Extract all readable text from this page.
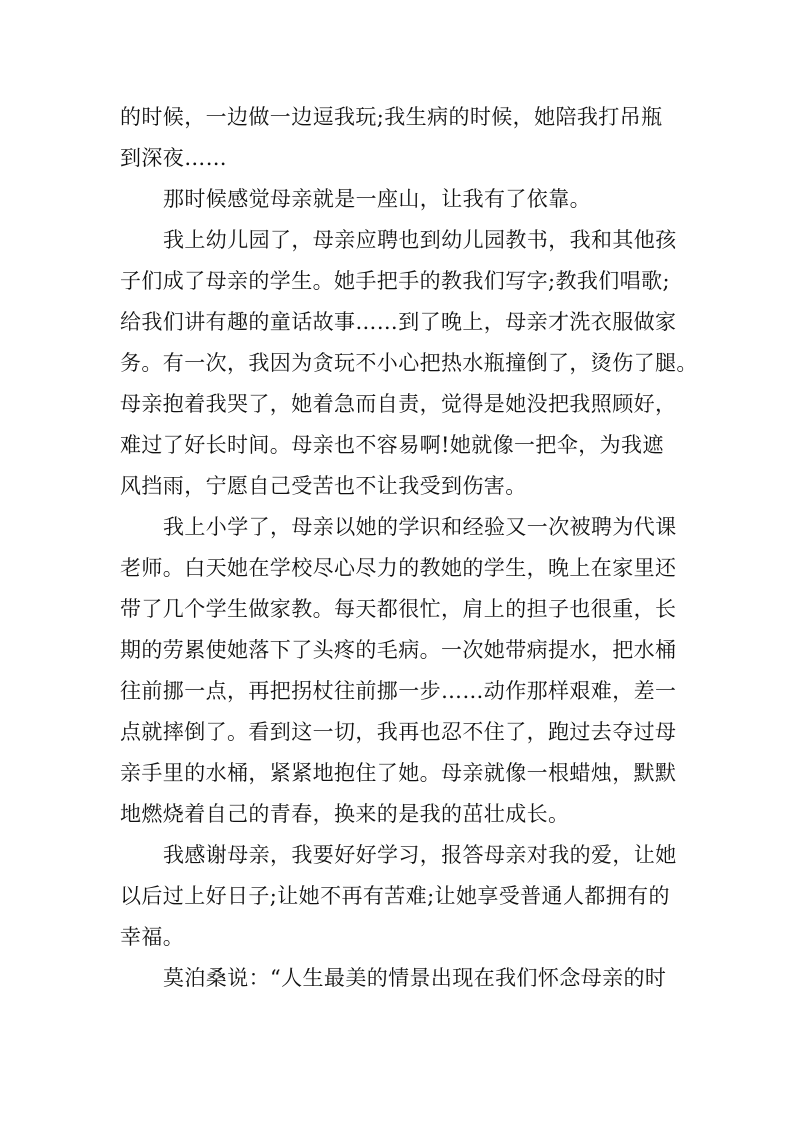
的时候，一边做一边逗我玩;我生病的时候，她陪我打吊瓶
到深夜……
那时候感觉母亲就是一座山，让我有了依靠。
我上幼儿园了，母亲应聘也到幼儿园教书，我和其他孩
子们成了母亲的学生。她手把手的教我们写字;教我们唱歌;
给我们讲有趣的童话故事……到了晚上，母亲才洗衣服做家
务。有一次，我因为贪玩不小心把热水瓶撞倒了，烫伤了腿。
母亲抱着我哭了，她着急而自责，觉得是她没把我照顾好，
难过了好长时间。母亲也不容易啊!她就像一把伞，为我遮
风挡雨，宁愿自己受苦也不让我受到伤害。
我上小学了，母亲以她的学识和经验又一次被聘为代课
老师。白天她在学校尽心尽力的教她的学生，晚上在家里还
带了几个学生做家教。每天都很忙，肩上的担子也很重，长
期的劳累使她落下了头疼的毛病。一次她带病提水，把水桶
往前挪一点，再把拐杖往前挪一步……动作那样艰难，差一
点就摔倒了。看到这一切，我再也忍不住了，跑过去夺过母
亲手里的水桶，紧紧地抱住了她。母亲就像一根蜡烛，默默
地燃烧着自己的青春，换来的是我的茁壮成长。
我感谢母亲，我要好好学习，报答母亲对我的爱，让她
以后过上好日子;让她不再有苦难;让她享受普通人都拥有的
幸福。
莫泊桑说：“人生最美的情景出现在我们怀念母亲的时
